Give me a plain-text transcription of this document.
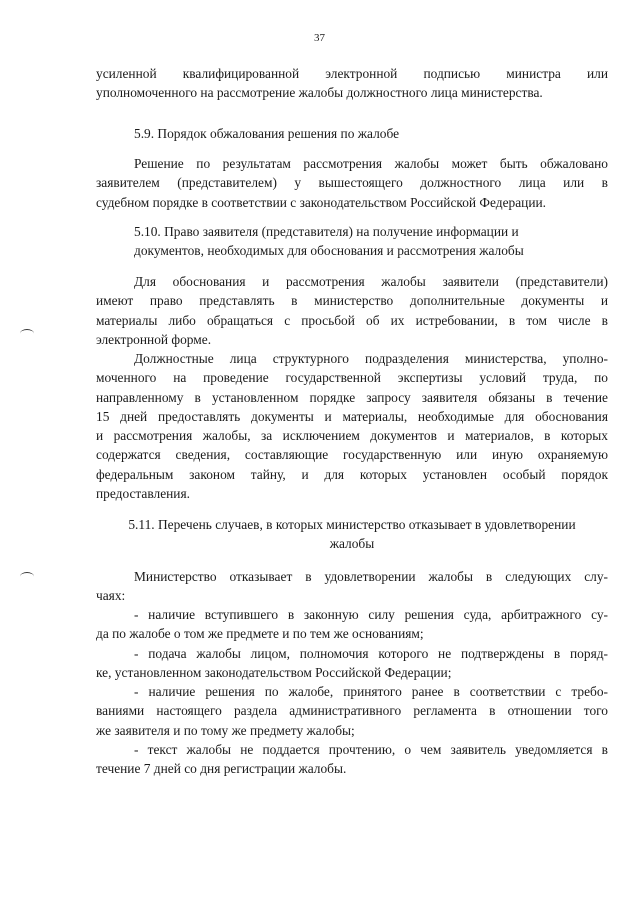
37
усиленной квалифицированной электронной подписью министра или
уполномоченного на рассмотрение жалобы должностного лица министерства.
5.9. Порядок обжалования решения по жалобе
Решение по результатам рассмотрения жалобы может быть обжаловано
заявителем (представителем) у вышестоящего должностного лица или в
судебном порядке в соответствии с законодательством Российской Федерации.
5.10. Право заявителя (представителя) на получение информации и
документов, необходимых для обоснования и рассмотрения жалобы
Для обоснования и рассмотрения жалобы заявители (представители)
имеют право представлять в министерство дополнительные документы и
материалы либо обращаться с просьбой об их истребовании, в том числе в
электронной форме.
Должностные лица структурного подразделения министерства, уполно-
моченного на проведение государственной экспертизы условий труда, по
направленному в установленном порядке запросу заявителя обязаны в течение
15 дней предоставлять документы и материалы, необходимые для обоснования
и рассмотрения жалобы, за исключением документов и материалов, в которых
содержатся сведения, составляющие государственную или иную охраняемую
федеральным законом тайну, и для которых установлен особый порядок
предоставления.
5.11. Перечень случаев, в которых министерство отказывает в удовлетворении
жалобы
Министерство отказывает в удовлетворении жалобы в следующих слу-
чаях:
- наличие вступившего в законную силу решения суда, арбитражного су-
да по жалобе о том же предмете и по тем же основаниям;
- подача жалобы лицом, полномочия которого не подтверждены в поряд-
ке, установленном законодательством Российской Федерации;
- наличие решения по жалобе, принятого ранее в соответствии с требо-
ваниями настоящего раздела административного регламента в отношении того
же заявителя и по тому же предмету жалобы;
- текст жалобы не поддается прочтению, о чем заявитель уведомляется в
течение 7 дней со дня регистрации жалобы.
